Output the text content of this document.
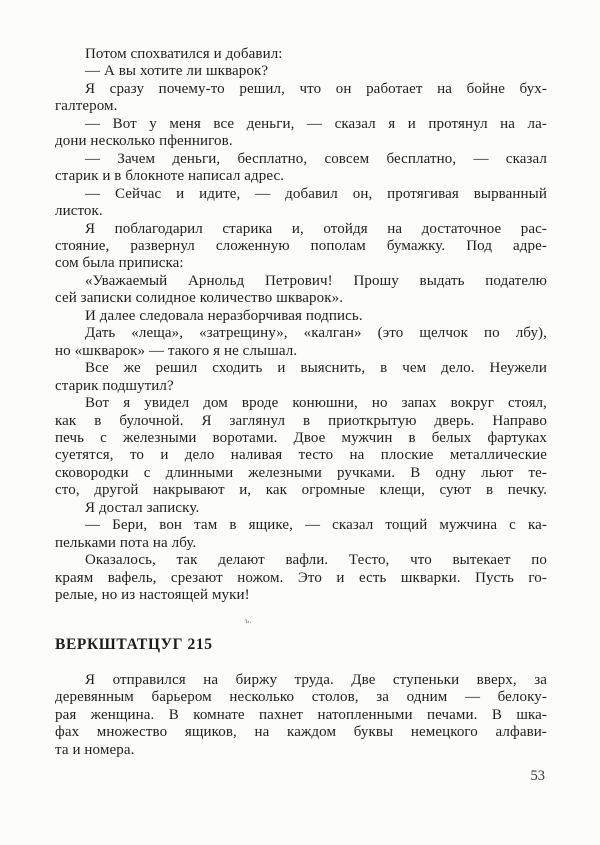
Потом спохватился и добавил:
— А вы хотите ли шкварок?
Я сразу почему-то решил, что он работает на бойне бух-
галтером.
— Вот у меня все деньги, — сказал я и протянул на ла-
дони несколько пфеннигов.
— Зачем деньги, бесплатно, совсем бесплатно, — сказал
старик и в блокноте написал адрес.
— Сейчас и идите, — добавил он, протягивая вырванный
листок.
Я поблагодарил старика и, отойдя на достаточное рас-
стояние, развернул сложенную пополам бумажку. Под адре-
сом была приписка:
«Уважаемый Арнольд Петрович! Прошу выдать подателю
сей записки солидное количество шкварок».
И далее следовала неразборчивая подпись.
Дать «леща», «затрещину», «калган» (это щелчок по лбу),
но «шкварок» — такого я не слышал.
Все же решил сходить и выяснить, в чем дело. Неужели
старик подшутил?
Вот я увидел дом вроде конюшни, но запах вокруг стоял,
как в булочной. Я заглянул в приоткрытую дверь. Направо
печь с железными воротами. Двое мужчин в белых фартуках
суетятся, то и дело наливая тесто на плоские металлические
сковородки с длинными железными ручками. В одну льют те-
сто, другой накрывают и, как огромные клещи, суют в печку.
Я достал записку.
— Бери, вон там в ящике, — сказал тощий мужчина с ка-
пельками пота на лбу.
Оказалось, так делают вафли. Тесто, что вытекает по
краям вафель, срезают ножом. Это и есть шкварки. Пусть го-
релые, но из настоящей муки!
ь.
ВЕРКШТАТЦУГ 215
Я отправился на биржу труда. Две ступеньки вверх, за
деревянным барьером несколько столов, за одним — белоку-
рая женщина. В комнате пахнет натопленными печами. В шка-
фах множество ящиков, на каждом буквы немецкого алфави-
та и номера.
53
